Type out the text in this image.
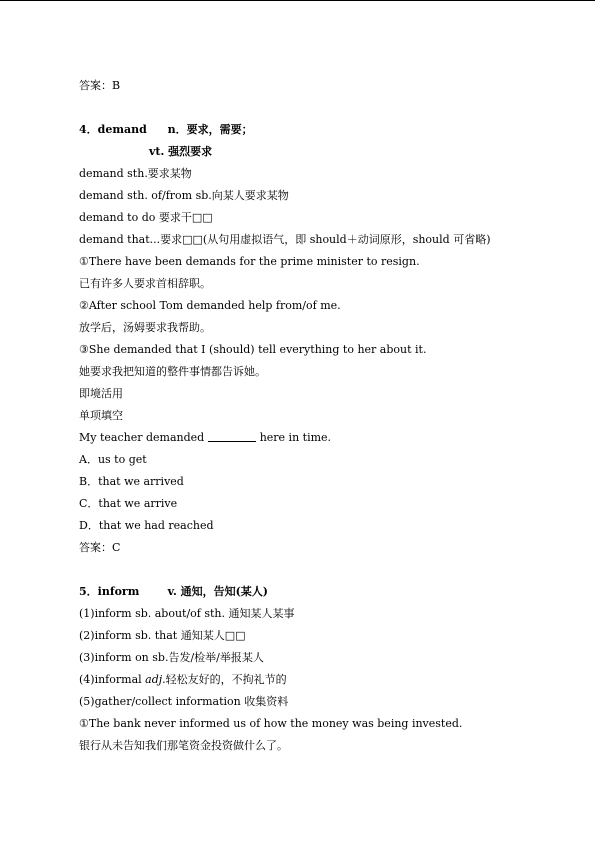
答案：B
4．demand n．要求，需要；
vt. 强烈要求
demand sth.要求某物
demand sth. of/from sb.向某人要求某物
demand to do 要求干□□
demand that...要求□□(从句用虚拟语气，即 should＋动词原形，should 可省略)
①There have been demands for the prime minister to resign.
已有许多人要求首相辞职。
②After school Tom demanded help from/of me.
放学后，汤姆要求我帮助。
③She demanded that I (should) tell everything to her about it.
她要求我把知道的整件事情都告诉她。
即境活用
单项填空
My teacher demanded	here in time.
A．us to get
B．that we arrived
C．that we arrive
D．that we had reached
答案：C
5．inform	v. 通知，告知(某人)
(1)inform sb. about/of sth. 通知某人某事
(2)inform sb. that 通知某人□□
(3)inform on sb.告发/检举/举报某人
(4)informal adj.轻松友好的，不拘礼节的
(5)gather/collect information 收集资料
①The bank never informed us of how the money was being invested.
银行从未告知我们那笔资金投资做什么了。
